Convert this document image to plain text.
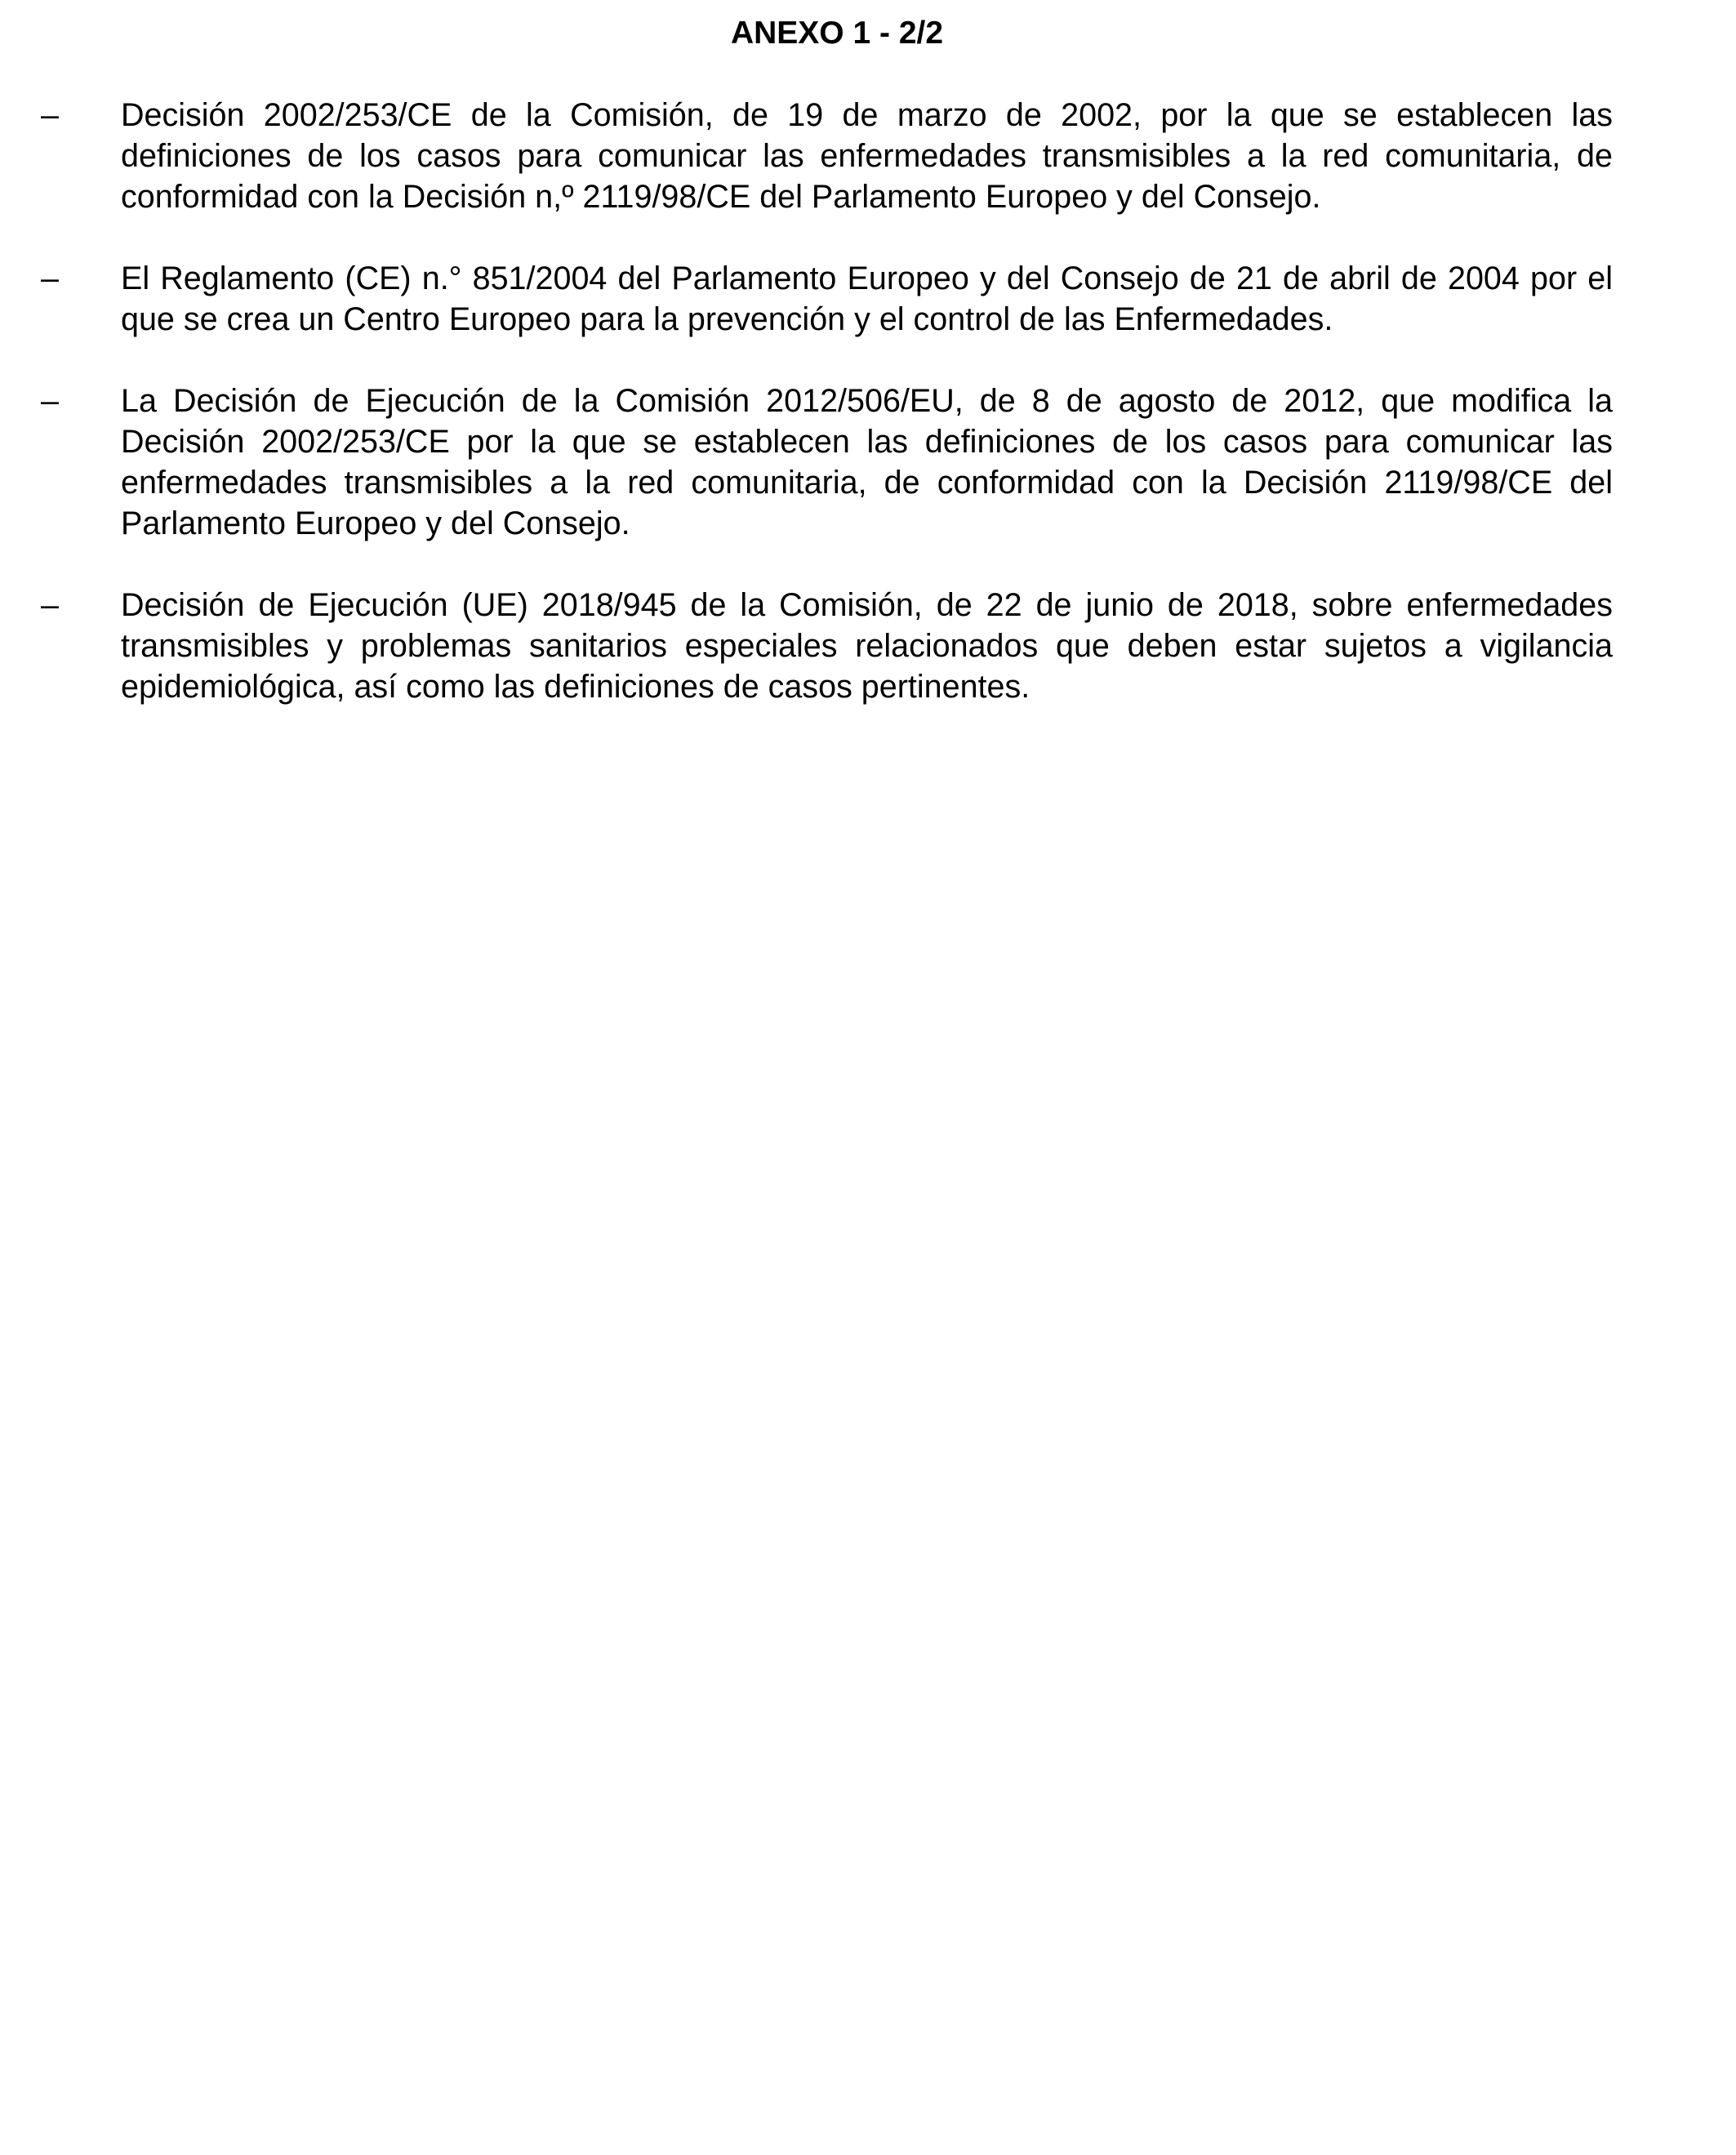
ANEXO 1 - 2/2
–	Decisión 2002/253/CE de la Comisión, de 19 de marzo de 2002, por la que se establecen las definiciones de los casos para comunicar las enfermedades transmisibles a la red comunitaria, de conformidad con la Decisión n,º 2119/98/CE del Parlamento Europeo y del Consejo.
–	El Reglamento (CE) n.° 851/2004 del Parlamento Europeo y del Consejo de 21 de abril de 2004 por el que se crea un Centro Europeo para la prevención y el control de las Enfermedades.
–	La Decisión de Ejecución de la Comisión 2012/506/EU, de 8 de agosto de 2012, que modifica la Decisión 2002/253/CE por la que se establecen las definiciones de los casos para comunicar las enfermedades transmisibles a la red comunitaria, de conformidad con la Decisión 2119/98/CE del Parlamento Europeo y del Consejo.
–	Decisión de Ejecución (UE) 2018/945 de la Comisión, de 22 de junio de 2018, sobre enfermedades transmisibles y problemas sanitarios especiales relacionados que deben estar sujetos a vigilancia epidemiológica, así como las definiciones de casos pertinentes.
